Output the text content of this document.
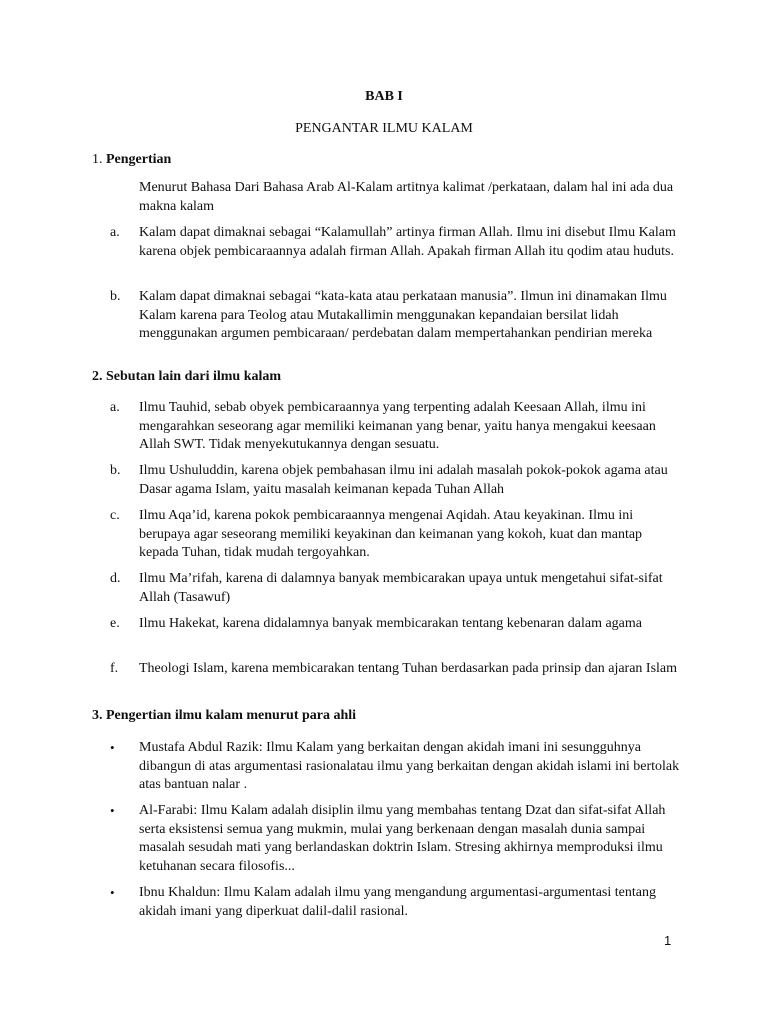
BAB I
PENGANTAR ILMU KALAM
1. Pengertian
Menurut Bahasa Dari Bahasa Arab Al-Kalam artitnya kalimat /perkataan, dalam hal ini ada dua makna kalam
a.	Kalam dapat dimaknai sebagai “Kalamullah” artinya firman Allah. Ilmu ini disebut Ilmu Kalam karena objek pembicaraannya adalah firman Allah. Apakah firman Allah itu qodim atau huduts.
b.	Kalam dapat dimaknai sebagai “kata-kata atau perkataan manusia”. Ilmun ini dinamakan Ilmu Kalam karena para Teolog atau Mutakallimin menggunakan kepandaian bersilat lidah menggunakan argumen pembicaraan/ perdebatan dalam mempertahankan pendirian mereka
2. Sebutan lain dari ilmu kalam
a.	Ilmu Tauhid, sebab obyek pembicaraannya yang terpenting adalah Keesaan Allah, ilmu ini mengarahkan seseorang agar memiliki keimanan yang benar, yaitu hanya mengakui keesaan Allah SWT. Tidak menyekutukannya dengan sesuatu.
b.	Ilmu Ushuluddin, karena objek pembahasan ilmu ini adalah masalah pokok-pokok agama atau Dasar agama Islam, yaitu masalah keimanan kepada Tuhan Allah
c.	Ilmu Aqa’id, karena pokok pembicaraannya mengenai Aqidah. Atau keyakinan. Ilmu ini berupaya agar seseorang memiliki keyakinan dan keimanan yang kokoh, kuat dan mantap kepada Tuhan, tidak mudah tergoyahkan.
d.	Ilmu Ma’rifah, karena di dalamnya banyak membicarakan upaya untuk mengetahui sifat-sifat Allah (Tasawuf)
e.	Ilmu Hakekat, karena didalamnya banyak membicarakan tentang kebenaran dalam agama
f.	Theologi Islam, karena membicarakan tentang Tuhan berdasarkan pada prinsip dan ajaran Islam
3. Pengertian ilmu kalam menurut para ahli
•	Mustafa Abdul Razik: Ilmu Kalam yang berkaitan dengan akidah imani ini sesungguhnya dibangun di atas argumentasi rasionalatau ilmu yang berkaitan dengan akidah islami ini bertolak atas bantuan nalar .
•	Al-Farabi: Ilmu Kalam adalah disiplin ilmu yang membahas tentang Dzat dan sifat-sifat Allah serta eksistensi semua yang mukmin, mulai yang berkenaan dengan masalah dunia sampai masalah sesudah mati yang berlandaskan doktrin Islam. Stresing akhirnya memproduksi ilmu ketuhanan secara filosofis...
•	Ibnu Khaldun: Ilmu Kalam adalah ilmu yang mengandung argumentasi-argumentasi tentang akidah imani yang diperkuat dalil-dalil rasional.
1
